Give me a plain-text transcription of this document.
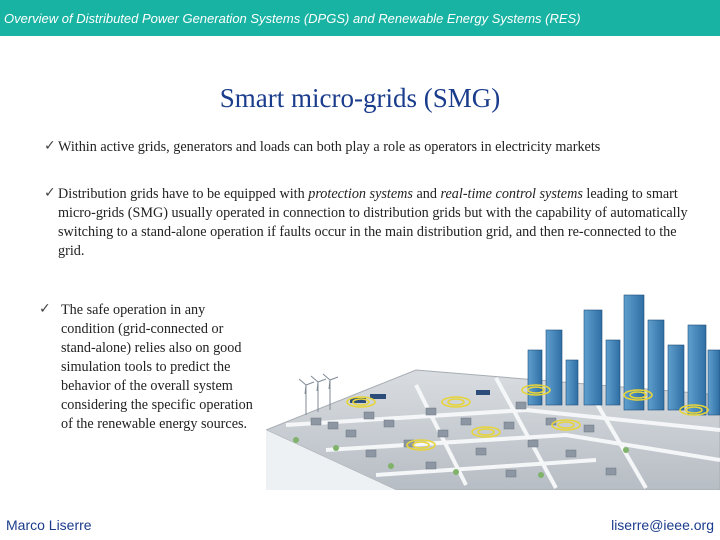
Overview of Distributed Power Generation Systems (DPGS) and Renewable Energy Systems (RES)
Smart micro-grids (SMG)
✓ Within active grids, generators and loads can both play a role as operators in electricity markets
✓ Distribution grids have to be equipped with protection systems and real-time control systems leading to smart micro-grids (SMG) usually operated in connection to distribution grids but with the capability of automatically switching to a stand-alone operation if faults occur in the main distribution grid, and then re-connected to the grid.
✓ The safe operation in any condition (grid-connected or stand-alone) relies also on good simulation tools to predict the behavior of the overall system considering the specific operation of the renewable energy sources.
Marco Liserre	liserre@ieee.org
